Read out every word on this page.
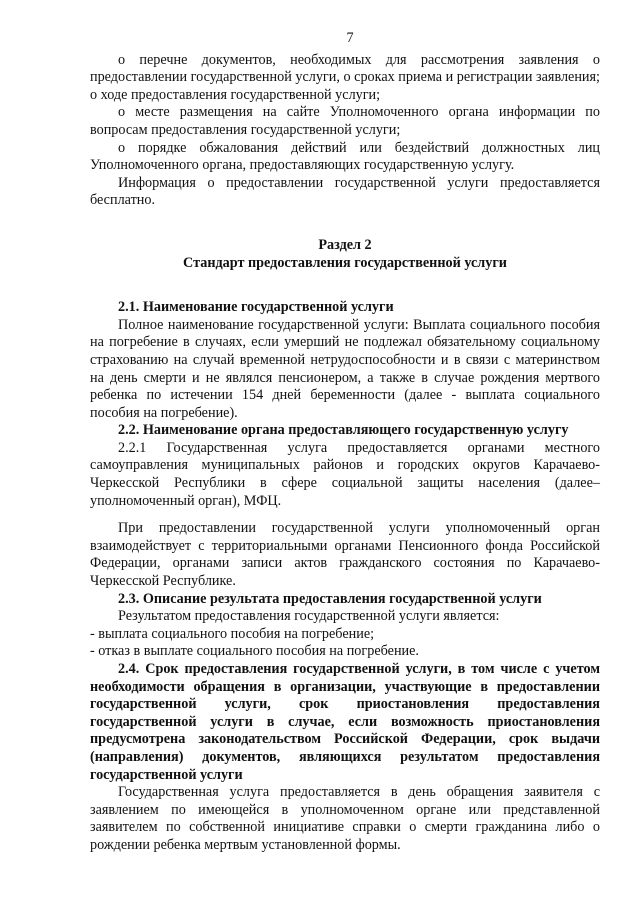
7

о перечне документов, необходимых для рассмотрения заявления о предоставлении государственной услуги, о сроках приема и регистрации заявления; о ходе предоставления государственной услуги;

о месте размещения на сайте Уполномоченного органа информации по вопросам предоставления государственной услуги;

о порядке обжалования действий или бездействий должностных лиц Уполномоченного органа, предоставляющих государственную услугу.

Информация о предоставлении государственной услуги предоставляется бесплатно.

Раздел 2
Стандарт предоставления государственной услуги

2.1. Наименование государственной услуги

Полное наименование государственной услуги: Выплата социального пособия на погребение в случаях, если умерший не подлежал обязательному социальному страхованию на случай временной нетрудоспособности и в связи с материнством на день смерти и не являлся пенсионером, а также в случае рождения мертвого ребенка по истечении 154 дней беременности (далее - выплата социального пособия на погребение).

2.2. Наименование органа предоставляющего государственную услугу

2.2.1 Государственная услуга предоставляется органами местного самоуправления муниципальных районов и городских округов Карачаево-Черкесской Республики в сфере социальной защиты населения (далее–уполномоченный орган), МФЦ.

При предоставлении государственной услуги уполномоченный орган взаимодействует с территориальными органами Пенсионного фонда Российской Федерации, органами записи актов гражданского состояния по Карачаево-Черкесской Республике.

2.3. Описание результата предоставления государственной услуги

Результатом предоставления государственной услуги является:

- выплата социального пособия на погребение;

- отказ в выплате социального пособия на погребение.

2.4. Срок предоставления государственной услуги, в том числе с учетом необходимости обращения в организации, участвующие в предоставлении государственной услуги, срок приостановления предоставления государственной услуги в случае, если возможность приостановления предусмотрена законодательством Российской Федерации, срок выдачи (направления) документов, являющихся результатом предоставления государственной услуги

Государственная услуга предоставляется в день обращения заявителя с заявлением по имеющейся в уполномоченном органе или представленной заявителем по собственной инициативе справки о смерти гражданина либо о рождении ребенка мертвым установленной формы.
